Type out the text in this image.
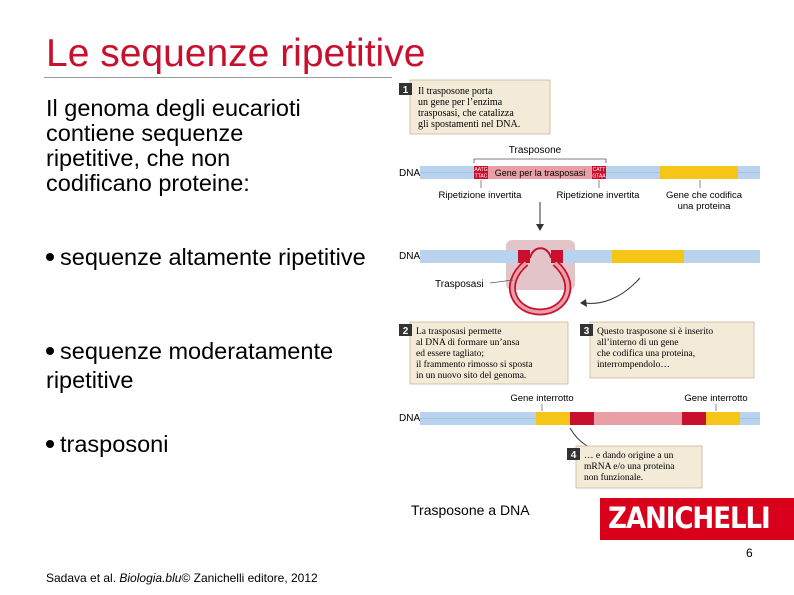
Le sequenze ripetitive
Il genoma degli eucarioti
contiene sequenze
ripetitive, che non
codificano proteine:
sequenze altamente ripetitive
sequenze moderatamente ripetitive
trasposoni
1 Il trasposone porta
un gene per l’enzima
trasposasi, che catalizza
gli spostamenti nel DNA.
Trasposone
DNA	AATG
TTAC Gene per la trasposasi CATT
GTAA
Ripetizione invertita	Ripetizione invertita	Gene che codifica
una proteina
DNA
Trasposasi
2 La trasposasi permette
al DNA di formare un’ansa
ed essere tagliato;
il frammento rimosso si sposta
in un nuovo sito del genoma.
3 Questo trasposone si è inserito
all’interno di un gene
che codifica una proteina,
interrompendolo…
Gene interrotto	Gene interrotto
DNA
4 … e dando origine a un
mRNA e/o una proteina
non funzionale.
Trasposone a DNA	ZANICHELLI
6
Sadava et al. Biologia.blu© Zanichelli editore, 2012
